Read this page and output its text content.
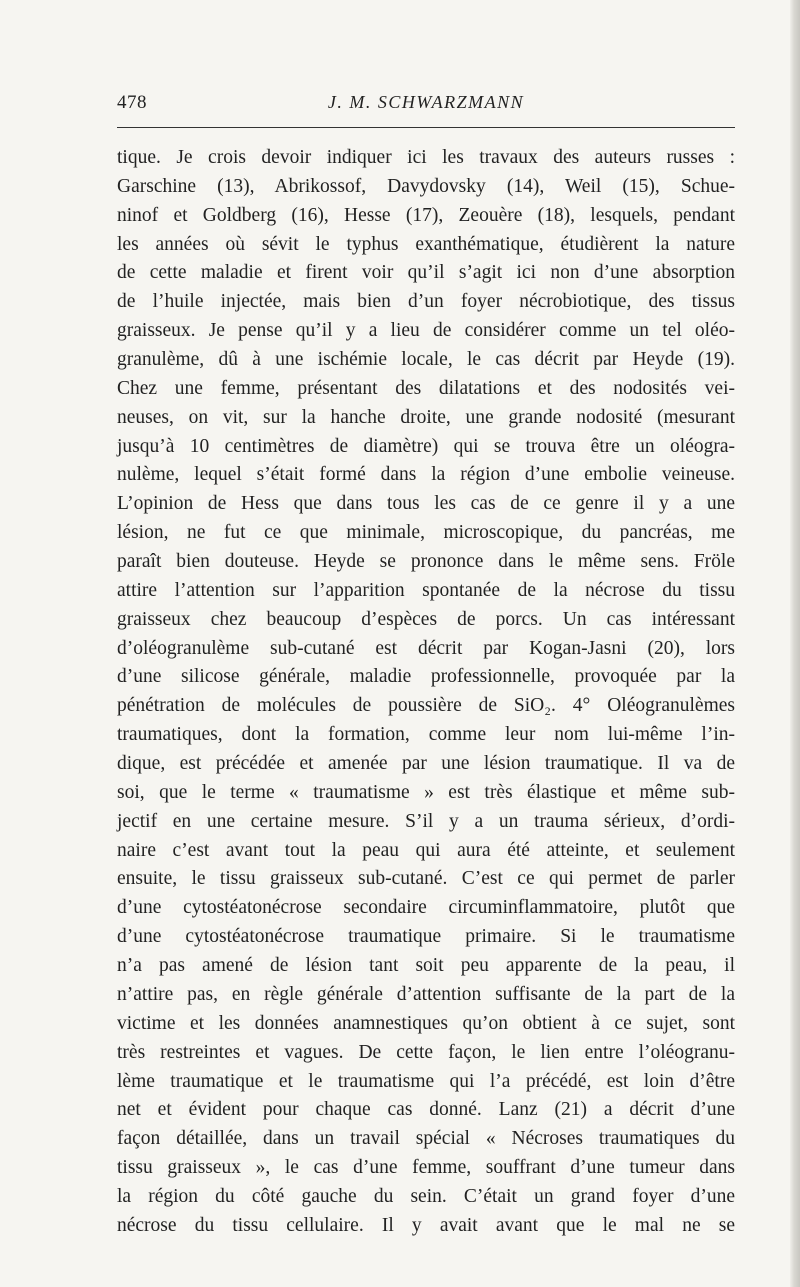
478	J. M. SCHWARZMANN
tique. Je crois devoir indiquer ici les travaux des auteurs russes :
Garschine (13), Abrikossof, Davydovsky (14), Weil (15), Schue-
ninof et Goldberg (16), Hesse (17), Zeouère (18), lesquels, pendant
les années où sévit le typhus exanthématique, étudièrent la nature
de cette maladie et firent voir qu’il s’agit ici non d’une absorption
de l’huile injectée, mais bien d’un foyer nécrobiotique, des tissus
graisseux. Je pense qu’il y a lieu de considérer comme un tel oléo-
granulème, dû à une ischémie locale, le cas décrit par Heyde (19).
Chez une femme, présentant des dilatations et des nodosités vei-
neuses, on vit, sur la hanche droite, une grande nodosité (mesurant
jusqu’à 10 centimètres de diamètre) qui se trouva être un oléogra-
nulème, lequel s’était formé dans la région d’une embolie veineuse.
L’opinion de Hess que dans tous les cas de ce genre il y a une
lésion, ne fut ce que minimale, microscopique, du pancréas, me
paraît bien douteuse. Heyde se prononce dans le même sens. Fröle
attire l’attention sur l’apparition spontanée de la nécrose du tissu
graisseux chez beaucoup d’espèces de porcs. Un cas intéressant
d’oléogranulème sub-cutané est décrit par Kogan-Jasni (20), lors
d’une silicose générale, maladie professionnelle, provoquée par la
pénétration de molécules de poussière de SiO₂. 4° Oléogranulèmes
traumatiques, dont la formation, comme leur nom lui-même l’in-
dique, est précédée et amenée par une lésion traumatique. Il va de
soi, que le terme « traumatisme » est très élastique et même sub-
jectif en une certaine mesure. S’il y a un trauma sérieux, d’ordi-
naire c’est avant tout la peau qui aura été atteinte, et seulement
ensuite, le tissu graisseux sub-cutané. C’est ce qui permet de parler
d’une cytostéatonécrose secondaire circuminflammatoire, plutôt que
d’une cytostéatonécrose traumatique primaire. Si le traumatisme
n’a pas amené de lésion tant soit peu apparente de la peau, il
n’attire pas, en règle générale d’attention suffisante de la part de la
victime et les données anamnestiques qu’on obtient à ce sujet, sont
très restreintes et vagues. De cette façon, le lien entre l’oléogranu-
lème traumatique et le traumatisme qui l’a précédé, est loin d’être
net et évident pour chaque cas donné. Lanz (21) a décrit d’une
façon détaillée, dans un travail spécial « Nécroses traumatiques du
tissu graisseux », le cas d’une femme, souffrant d’une tumeur dans
la région du côté gauche du sein. C’était un grand foyer d’une
nécrose du tissu cellulaire. Il y avait avant que le mal ne se
